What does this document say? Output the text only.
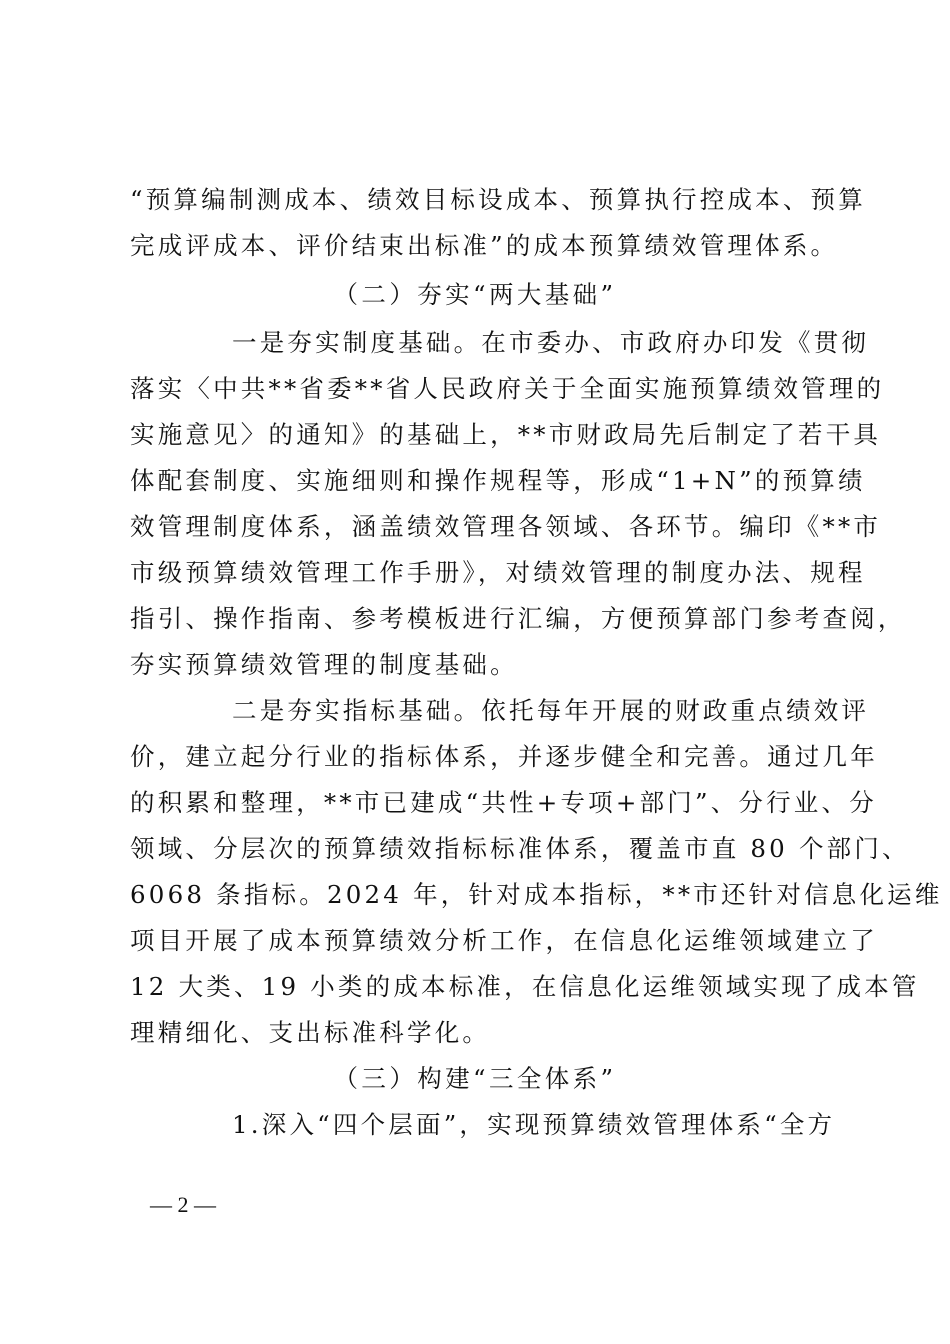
“预算编制测成本、绩效目标设成本、预算执行控成本、预算
完成评成本、评价结束出标准”的成本预算绩效管理体系。
（二）夯实“两大基础”
一是夯实制度基础。在市委办、市政府办印发《贯彻
落实〈中共**省委**省人民政府关于全面实施预算绩效管理的
实施意见〉的通知》的基础上，**市财政局先后制定了若干具
体配套制度、实施细则和操作规程等，形成“1+N”的预算绩
效管理制度体系，涵盖绩效管理各领域、各环节。编印《**市
市级预算绩效管理工作手册》，对绩效管理的制度办法、规程
指引、操作指南、参考模板进行汇编，方便预算部门参考查阅，
夯实预算绩效管理的制度基础。
二是夯实指标基础。依托每年开展的财政重点绩效评
价，建立起分行业的指标体系，并逐步健全和完善。通过几年
的积累和整理，**市已建成“共性+专项+部门”、分行业、分
领域、分层次的预算绩效指标标准体系，覆盖市直 80 个部门、
6068 条指标。2024 年，针对成本指标，**市还针对信息化运维
项目开展了成本预算绩效分析工作，在信息化运维领域建立了
12 大类、19 小类的成本标准，在信息化运维领域实现了成本管
理精细化、支出标准科学化。
（三）构建“三全体系”
1.深入“四个层面”，实现预算绩效管理体系“全方
— 2 —
